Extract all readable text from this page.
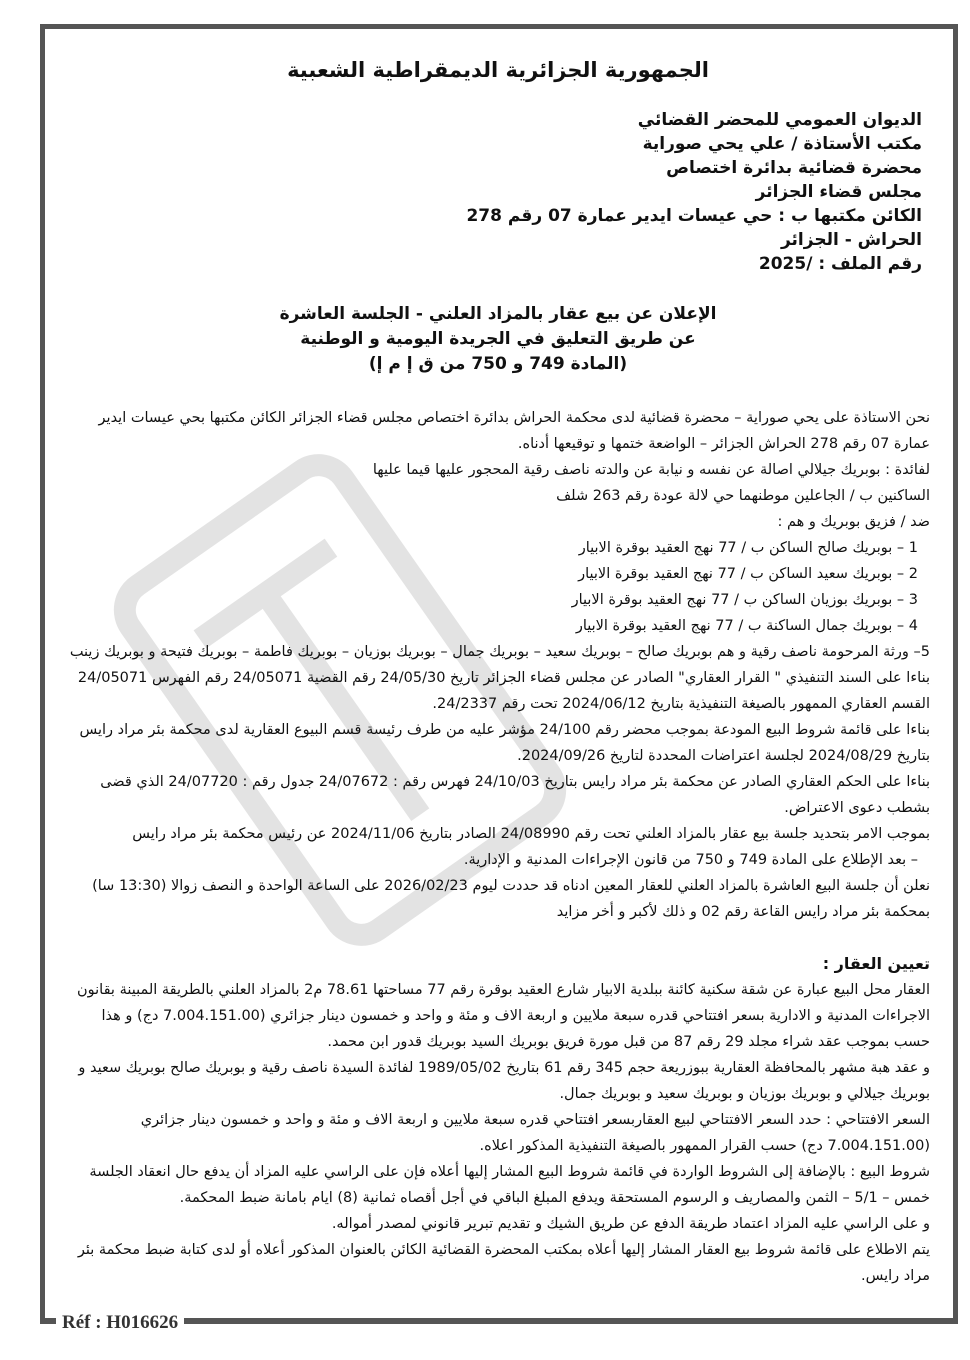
الجمهورية الجزائرية الديمقراطية الشعبية
الديوان العمومي للمحضر القضائي
مكتب الأستاذة / علي يحي صوراية
محضرة قضائية بدائرة اختصاص
مجلس قضاء الجزائر
الكائن مكتبها ب : حي عيسات ايدير عمارة 07 رقم 278
الحراش - الجزائر
رقم الملف : /2025
الإعلان عن بيع عقار بالمزاد العلني - الجلسة العاشرة
عن طريق التعليق في الجريدة اليومية و الوطنية
(المادة 749 و 750 من ق إ م إ)

نحن الاستاذة على يحي صوراية – محضرة قضائية لدى محكمة الحراش بدائرة اختصاص مجلس قضاء الجزائر الكائن مكتبها بحي عيسات ايدير عمارة 07 رقم 278 الحراش الجزائر – الواضعة ختمها و توقيعها أدناه.

لفائدة : بوبريك جيلالي اصالة عن نفسه و نيابة عن والدته ناصف رقية المحجور عليها قيما عليها

الساكنين ب / الجاعلين موطنهما حي لالة عودة رقم 263 شلف

ضد / فزيق بوبريك و هم :

1 – بوبريك صالح الساكن ب / 77 نهج العقيد بوقرة الابيار

2 – بوبريك سعيد الساكن ب / 77 نهج العقيد بوقرة الابيار

3 – بوبريك بوزيان الساكن ب / 77 نهج العقيد بوقرة الابيار

4 – بوبريك جمال الساكنة ب / 77 نهج العقيد بوقرة الابيار

5– ورثة المرحومة ناصف رقية و هم بوبريك صالح – بوبريك سعيد – بوبريك جمال – بوبريك بوزيان – بوبريك فاطمة – بوبريك فتيحة و بوبريك زينب

بناءا على السند التنفيذي " القرار العقاري" الصادر عن مجلس قضاء الجزائر تاريخ 24/05/30 رقم القضية 24/05071 رقم الفهرس 24/05071 القسم العقاري الممهور بالصيغة التنفيذية بتاريخ 2024/06/12 تحت رقم 24/2337.

بناءا على قائمة شروط البيع المودعة بموجب محضر رقم 24/100 مؤشر عليه من طرف رئيسة قسم البيوع العقارية لدى محكمة بئر مراد رايس بتاريخ 2024/08/29 لجلسة اعتراضات المحددة لتاريخ 2024/09/26.

بناءا على الحكم العقاري الصادر عن محكمة بئر مراد رايس بتاريخ 24/10/03 فهرس رقم : 24/07672 جدول رقم : 24/07720 الذي قضى بشطب دعوى الاعتراض.

بموجب الامر بتحديد جلسة بيع عقار بالمزاد العلني تحت رقم 24/08990 الصادر بتاريخ 2024/11/06 عن رئيس محكمة بئر مراد رايس

– بعد الإطلاع على المادة 749 و 750 من قانون الإجراءات المدنية و الإدارية.

نعلن أن جلسة البيع العاشرة بالمزاد العلني للعقار المعين ادناه قد حددت ليوم 2026/02/23 على الساعة الواحدة و النصف زوالا (13:30 سا) بمحكمة بئر مراد رايس القاعة رقم 02 و ذلك لأكبر و أخر مزايد

تعيين العقار :

العقار محل البيع عبارة عن شقة سكنية كائنة ببلدية الابيار شارع العقيد بوقرة رقم 77 مساحتها 78.61 م2 بالمزاد العلني بالطريقة المبينة بقانون الاجراءات المدنية و الادارية بسعر افتتاحي قدره سبعة ملايين و اربعة الاف و مئة و واحد و خمسون دينار جزائري (7.004.151.00 دج) و هذا حسب بموجب عقد شراء مجلد 29 رقم 87 من قبل مورة فريق بوبريك السيد بوبريك قدور ابن محمد.

و عقد هبة مشهر بالمحافظة العقارية ببوزريعة حجم 345 رقم 61 بتاريخ 1989/05/02 لفائدة السيدة ناصف رقية و بوبريك صالح بوبريك سعيد و بوبريك جيلالي و بوبريك بوزيان و بوبريك سعيد و بوبريك جمال.

السعر الافتتاحي : حدد السعر الافتتاحي لبيع العقاربسعر افتتاحي قدره سبعة ملايين و اربعة الاف و مئة و واحد و خمسون دينار جزائري (7.004.151.00 دج) حسب القرار الممهور بالصيغة التنفيذية المذكور اعلاه.

شروط البيع : بالإضافة إلى الشروط الواردة في قائمة شروط البيع المشار إليها أعلاه فإن على الراسي عليه المزاد أن يدفع حال انعقاد الجلسة خمس – 5/1 – الثمن والمصاريف و الرسوم المستحقة ويدفع المبلغ الباقي في أجل أقصاه ثمانية (8) ايام بامانة ضبط المحكمة.

و على الراسي عليه المزاد اعتماد طريقة الدفع عن طريق الشيك و تقديم تبرير قانوني لمصدر أمواله.

يتم الاطلاع على قائمة شروط بيع العقار المشار إليها أعلاه بمكتب المحضرة القضائية الكائن بالعنوان المذكور أعلاه أو لدى كتابة ضبط محكمة بئر مراد رايس.

Réf : H016626
